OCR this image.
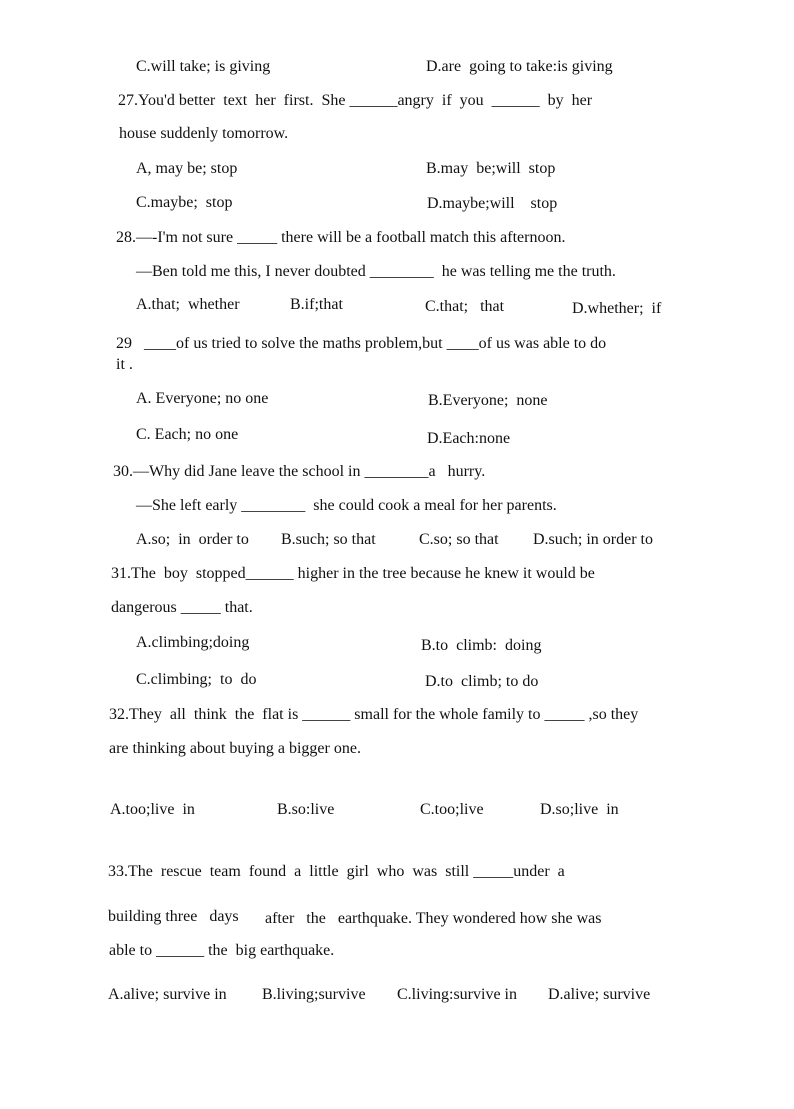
C.will take; is giving	D.are  going to take:is giving
27.You'd better  text  her  first.  She ______angry  if  you  ______  by  her
house suddenly tomorrow.
A, may be; stop	B.may  be;will  stop
C.maybe;  stop	D.maybe;will    stop
28.—-I'm not sure _____ there will be a football match this afternoon.
—Ben told me this, I never doubted ________  he was telling me the truth.
A.that;  whether	B.if;that	C.that;   that	D.whether;  if
29   ____of us tried to solve the maths problem,but ____of us was able to do
it .
A. Everyone; no one	B.Everyone;  none
C. Each; no one	D.Each:none
30.—Why did Jane leave the school in ________a   hurry.
—She left early ________  she could cook a meal for her parents.
A.so;  in  order to B.such; so that	C.so; so that D.such; in order to
31.The  boy  stopped______ higher in the tree because he knew it would be
dangerous _____ that.
A.climbing;doing	B.to  climb:  doing
C.climbing;  to  do	D.to  climb; to do
32.They  all  think  the  flat is ______ small for the whole family to _____ ,so they
are thinking about buying a bigger one.
A.too;live  in	B.so:live	C.too;live	D.so;live  in
33.The  rescue  team  found  a  little  girl  who  was  still _____under  a
building three   days after   the   earthquake. They wondered how she was
able to ______ the  big earthquake.
A.alive; survive in B.living;survive C.living:survive in D.alive; survive
